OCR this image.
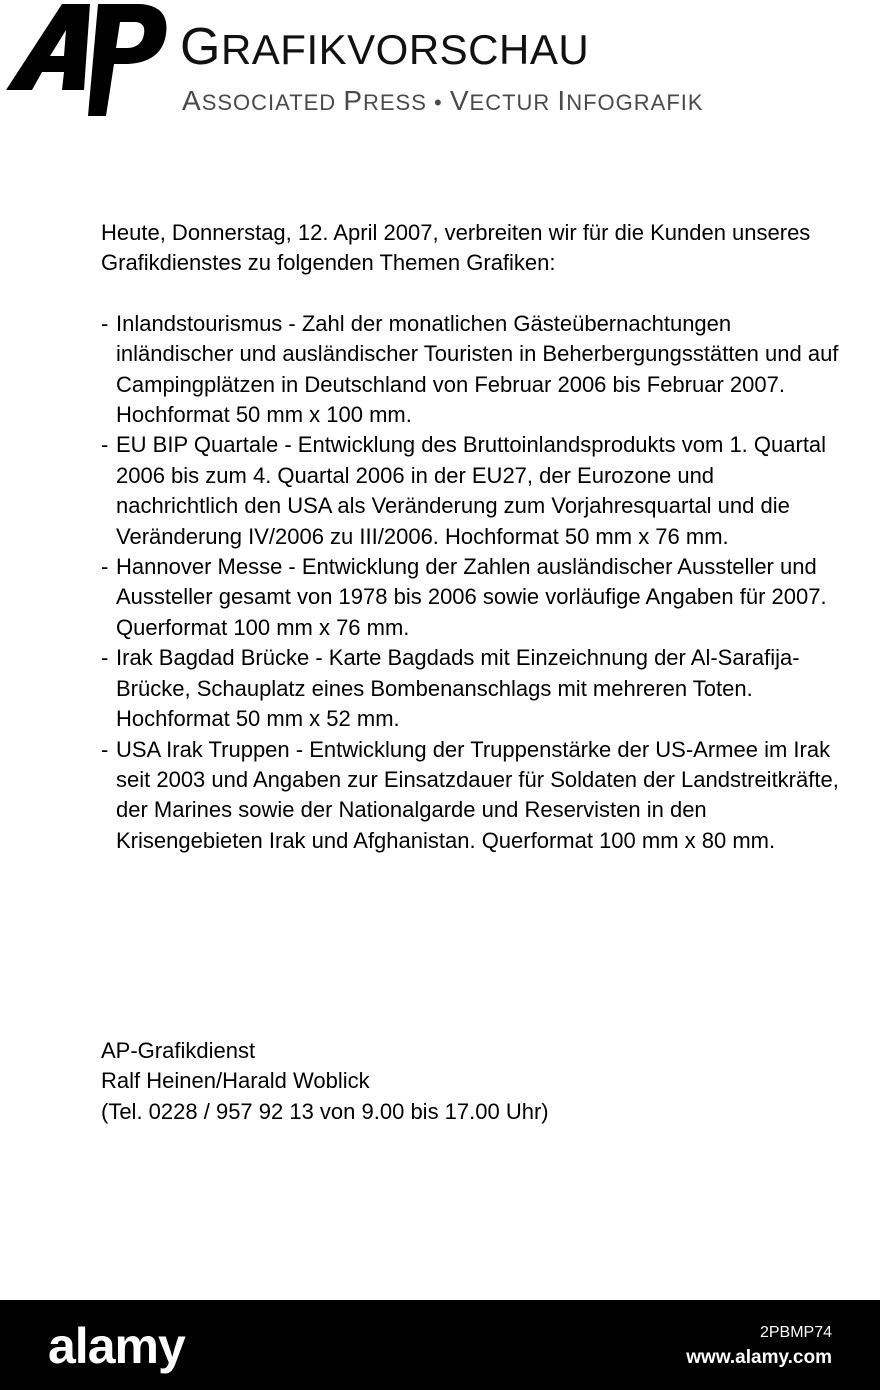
GRAFIKVORSCHAU
ASSOCIATED PRESS • VECTUR INFOGRAFIK

Heute, Donnerstag, 12. April 2007, verbreiten wir für die Kunden unseres Grafikdienstes zu folgenden Themen Grafiken:

- Inlandstourismus - Zahl der monatlichen Gästeübernachtungen inländischer und ausländischer Touristen in Beherbergungsstätten und auf Campingplätzen in Deutschland von Februar 2006 bis Februar 2007.
Hochformat 50 mm x 100 mm.
- EU BIP Quartale - Entwicklung des Bruttoinlandsprodukts vom 1. Quartal 2006 bis zum 4. Quartal 2006 in der EU27, der Eurozone und nachrichtlich den USA als Veränderung zum Vorjahresquartal und die Veränderung IV/2006 zu III/2006. Hochformat 50 mm x 76 mm.
- Hannover Messe - Entwicklung der Zahlen ausländischer Aussteller und Aussteller gesamt von 1978 bis 2006 sowie vorläufige Angaben für 2007. Querformat 100 mm x 76 mm.
- Irak Bagdad Brücke - Karte Bagdads mit Einzeichnung der Al-Sarafija-Brücke, Schauplatz eines Bombenanschlags mit mehreren Toten. Hochformat 50 mm x 52 mm.
- USA Irak Truppen - Entwicklung der Truppenstärke der US-Armee im Irak seit 2003 und Angaben zur Einsatzdauer für Soldaten der Landstreitkräfte, der Marines sowie der Nationalgarde und Reservisten in den Krisengebieten Irak und Afghanistan. Querformat 100 mm x 80 mm.
AP-Grafikdienst
Ralf Heinen/Harald Woblick
(Tel. 0228 / 957 92 13 von 9.00 bis 17.00 Uhr)
alamy	2PBMP74
www.alamy.com
